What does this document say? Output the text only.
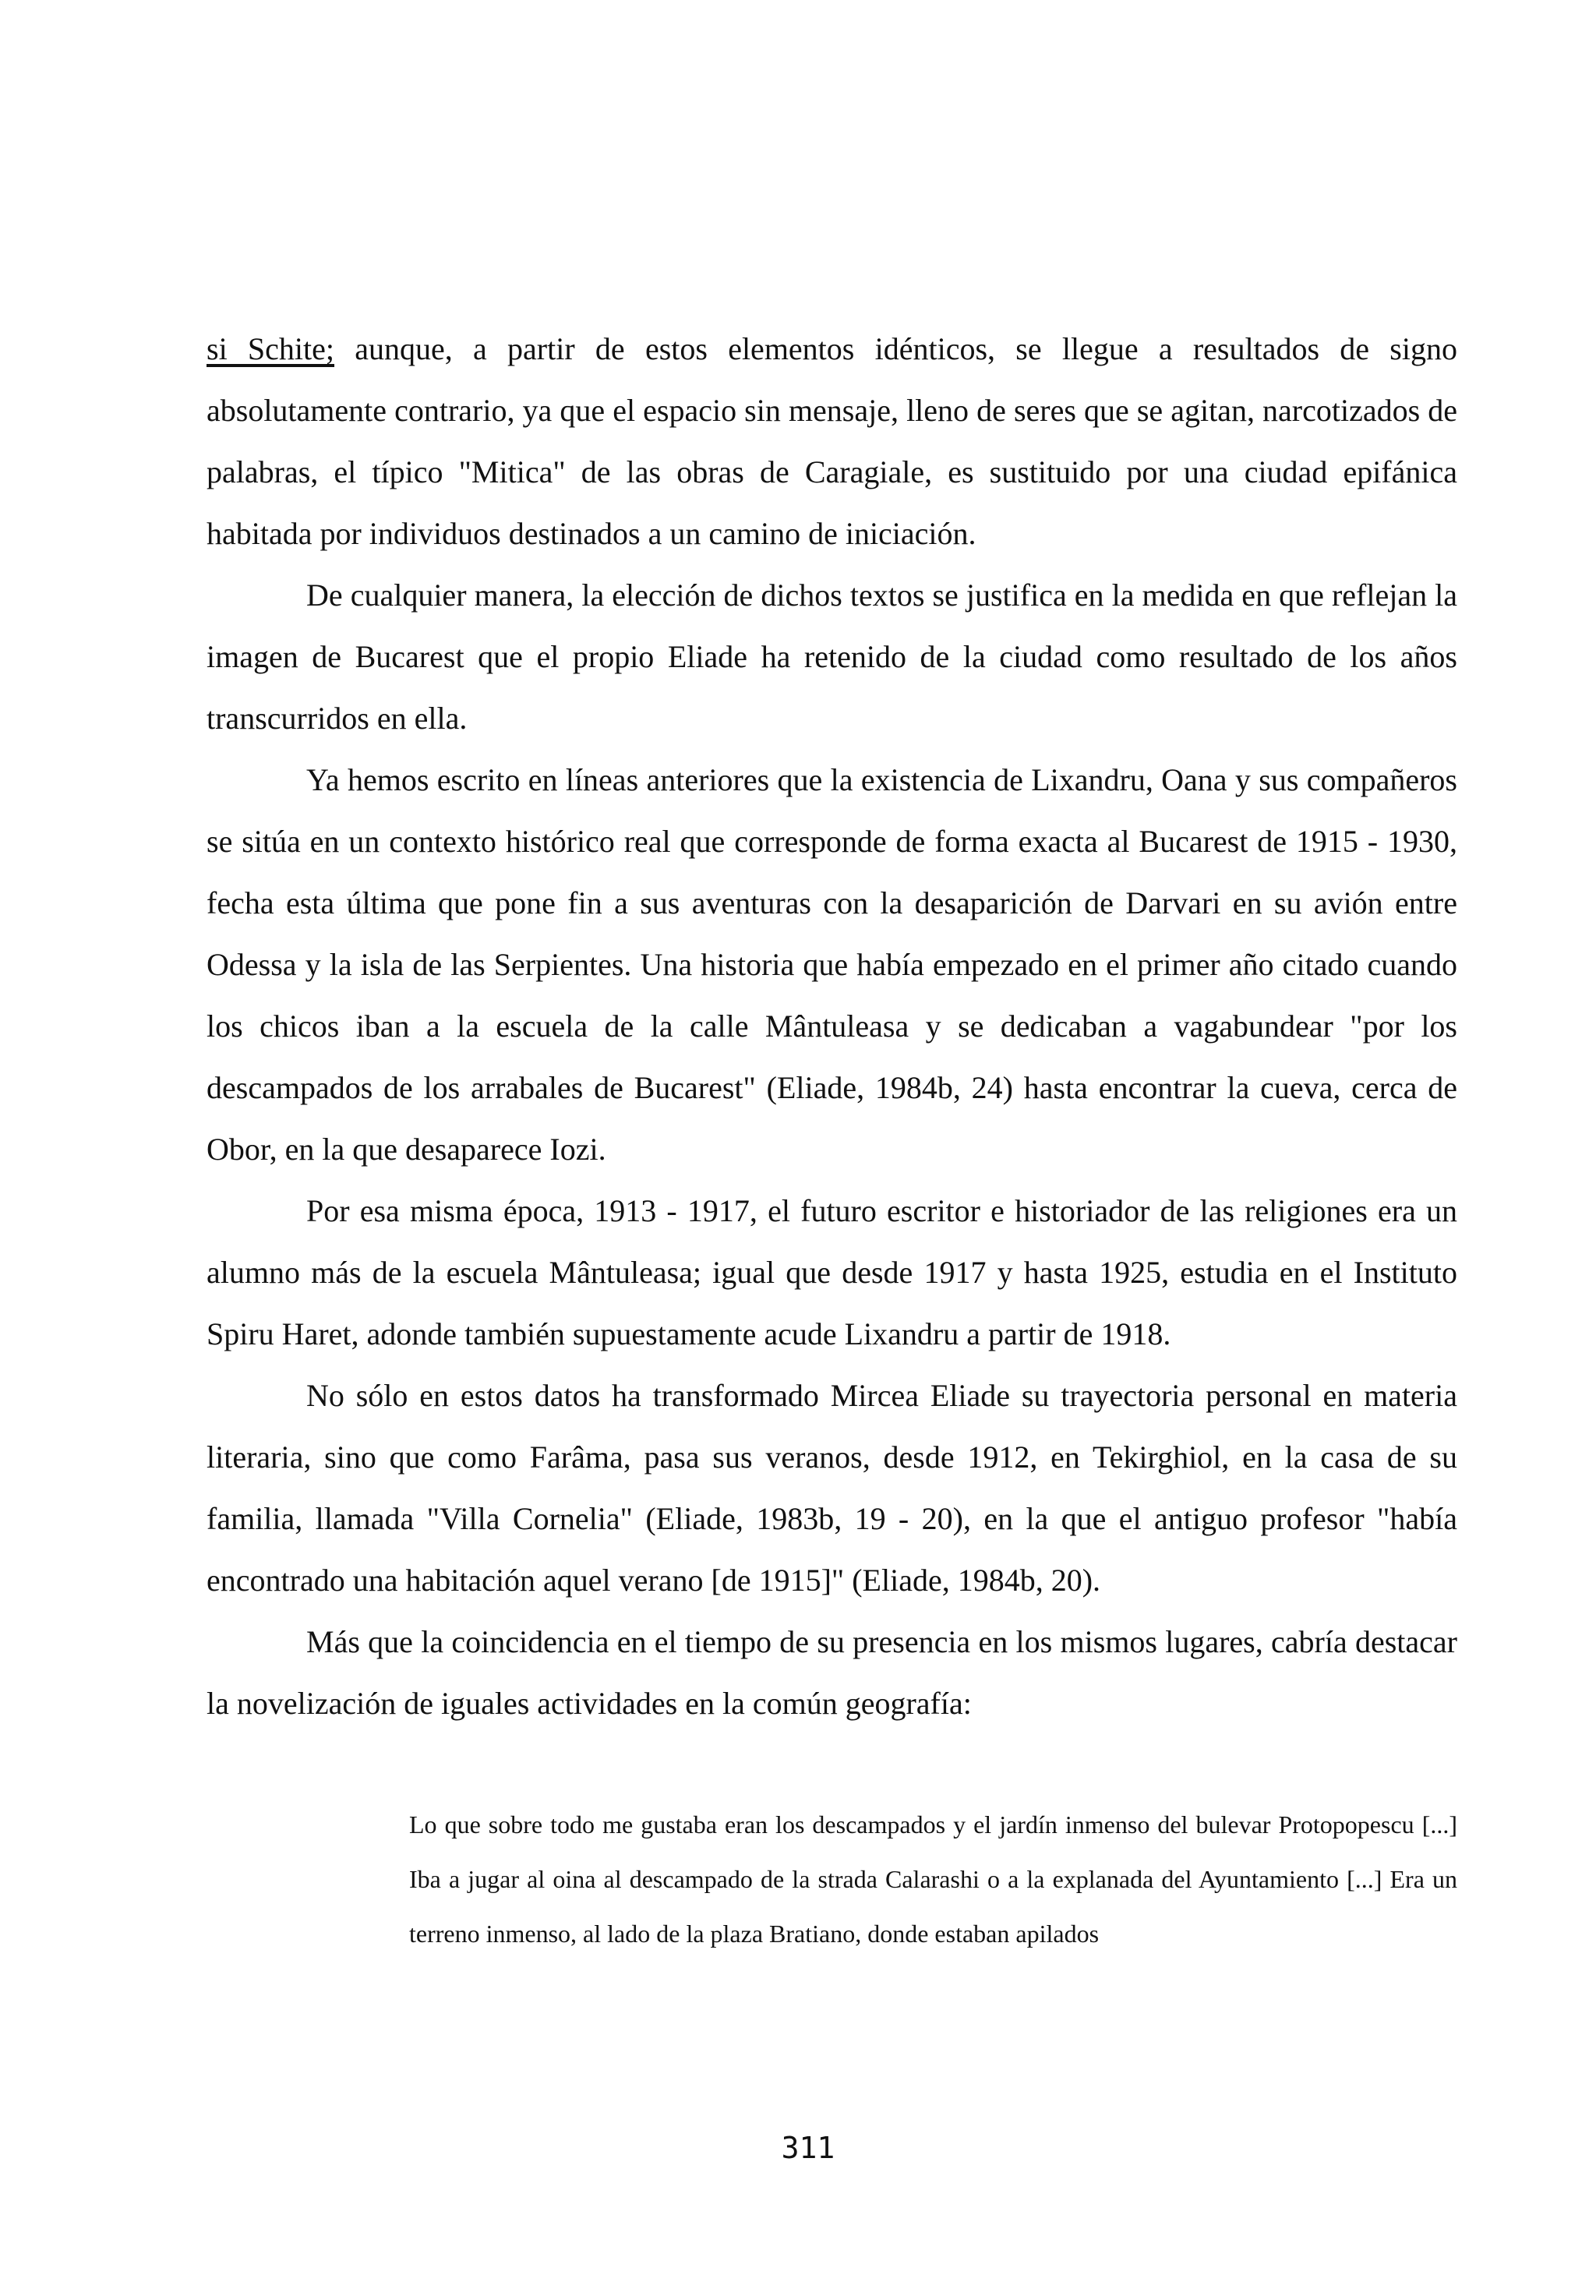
si Schite; aunque, a partir de estos elementos idénticos, se llegue a resultados de signo absolutamente contrario, ya que el espacio sin mensaje, lleno de seres que se agitan, narcotizados de palabras, el típico "Mitica" de las obras de Caragiale, es sustituido por una ciudad epifánica habitada por individuos destinados a un camino de iniciación.

De cualquier manera, la elección de dichos textos se justifica en la medida en que reflejan la imagen de Bucarest que el propio Eliade ha retenido de la ciudad como resultado de los años transcurridos en ella.

Ya hemos escrito en líneas anteriores que la existencia de Lixandru, Oana y sus compañeros se sitúa en un contexto histórico real que corresponde de forma exacta al Bucarest de 1915 - 1930, fecha esta última que pone fin a sus aventuras con la desaparición de Darvari en su avión entre Odessa y la isla de las Serpientes. Una historia que había empezado en el primer año citado cuando los chicos iban a la escuela de la calle Mântuleasa y se dedicaban a vagabundear "por los descampados de los arrabales de Bucarest" (Eliade, 1984b, 24) hasta encontrar la cueva, cerca de Obor, en la que desaparece Iozi.

Por esa misma época, 1913 - 1917, el futuro escritor e historiador de las religiones era un alumno más de la escuela Mântuleasa; igual que desde 1917 y hasta 1925, estudia en el Instituto Spiru Haret, adonde también supuestamente acude Lixandru a partir de 1918.

No sólo en estos datos ha transformado Mircea Eliade su trayectoria personal en materia literaria, sino que como Farâma, pasa sus veranos, desde 1912, en Tekirghiol, en la casa de su familia, llamada "Villa Cornelia" (Eliade, 1983b, 19 - 20), en la que el antiguo profesor "había encontrado una habitación aquel verano [de 1915]" (Eliade, 1984b, 20).

Más que la coincidencia en el tiempo de su presencia en los mismos lugares, cabría destacar la novelización de iguales actividades en la común geografía:

Lo que sobre todo me gustaba eran los descampados y el jardín inmenso del bulevar Protopopescu [...] Iba a jugar al oina al descampado de la strada Calarashi o a la explanada del Ayuntamiento [...] Era un terreno inmenso, al lado de la plaza Bratiano, donde estaban apilados

311
